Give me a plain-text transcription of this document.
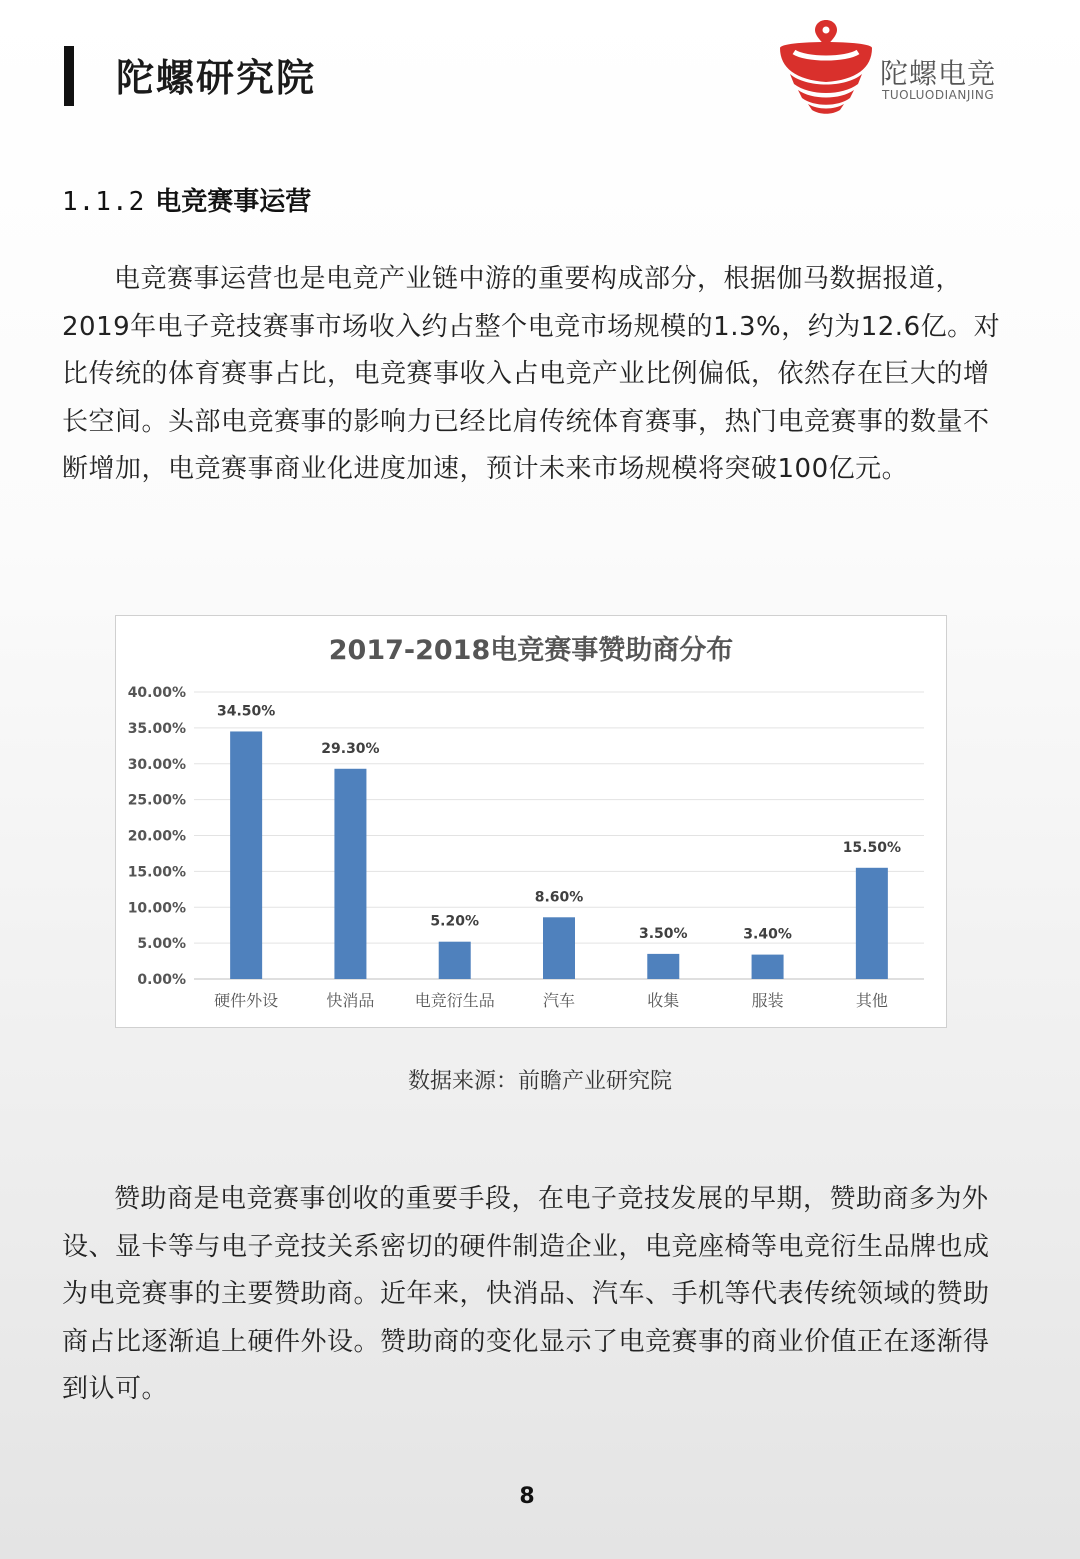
陀螺研究院	陀螺电竞
TUOLUODIANJING
1.1.2 电竞赛事运营

电竞赛事运营也是电竞产业链中游的重要构成部分，根据伽马数据报道，2019年电子竞技赛事市场收入约占整个电竞市场规模的1.3%，约为12.6亿。对比传统的体育赛事占比，电竞赛事收入占电竞产业比例偏低，依然存在巨大的增长空间。头部电竞赛事的影响力已经比肩传统体育赛事，热门电竞赛事的数量不断增加，电竞赛事商业化进度加速，预计未来市场规模将突破100亿元。

2017-2018电竞赛事赞助商分布
0.00%
5.00%
10.00%
15.00%
20.00%
25.00%
30.00%
35.00%
40.00%
34.50%
硬件外设
29.30%
快消品
5.20%
电竞衍生品
8.60%
汽车
3.50%
收集
3.40%
服装
15.50%
其他
数据来源：前瞻产业研究院

赞助商是电竞赛事创收的重要手段，在电子竞技发展的早期，赞助商多为外设、显卡等与电子竞技关系密切的硬件制造企业，电竞座椅等电竞衍生品牌也成为电竞赛事的主要赞助商。近年来，快消品、汽车、手机等代表传统领域的赞助商占比逐渐追上硬件外设。赞助商的变化显示了电竞赛事的商业价值正在逐渐得到认可。

8
